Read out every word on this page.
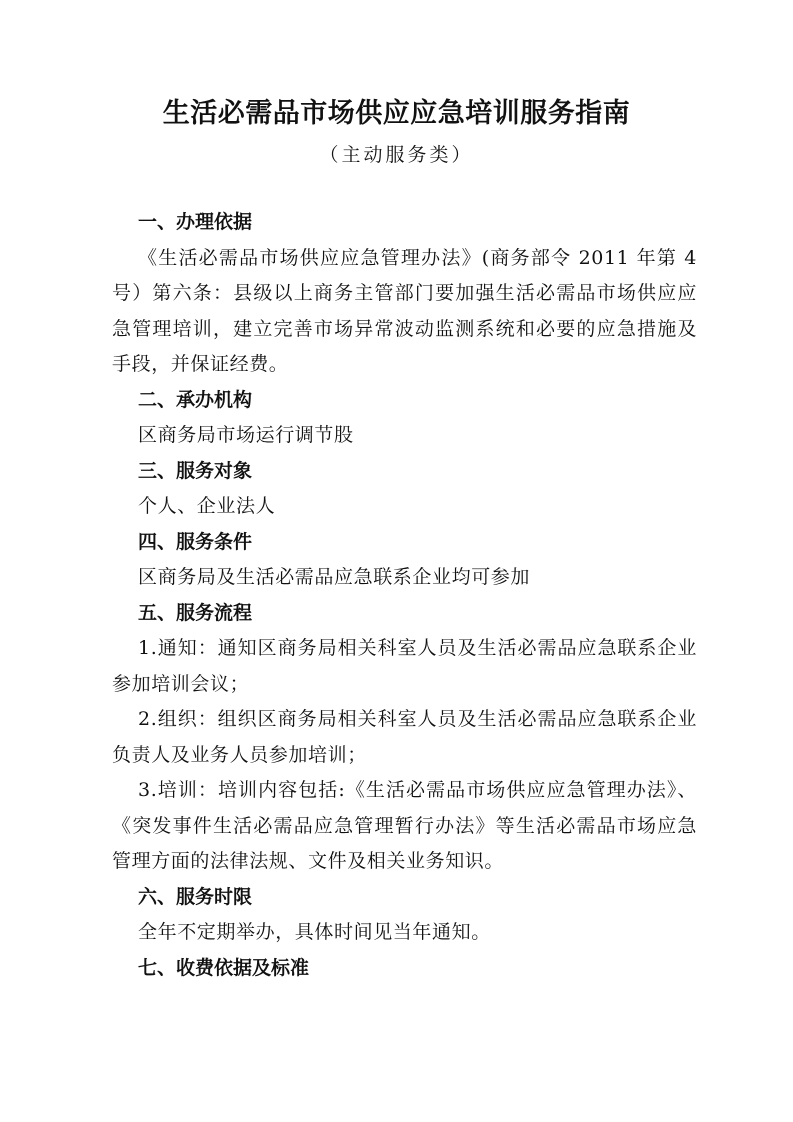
生活必需品市场供应应急培训服务指南
（主动服务类）
一、办理依据

《生活必需品市场供应应急管理办法》(商务部令 2011 年第 4 号）第六条：县级以上商务主管部门要加强生活必需品市场供应应急管理培训，建立完善市场异常波动监测系统和必要的应急措施及手段，并保证经费。

二、承办机构

区商务局市场运行调节股

三、服务对象

个人、企业法人

四、服务条件

区商务局及生活必需品应急联系企业均可参加

五、服务流程

1.通知：通知区商务局相关科室人员及生活必需品应急联系企业参加培训会议；

2.组织：组织区商务局相关科室人员及生活必需品应急联系企业负责人及业务人员参加培训；

3.培训：培训内容包括:《生活必需品市场供应应急管理办法》、《突发事件生活必需品应急管理暂行办法》等生活必需品市场应急管理方面的法律法规、文件及相关业务知识。

六、服务时限

全年不定期举办，具体时间见当年通知。

七、收费依据及标准
